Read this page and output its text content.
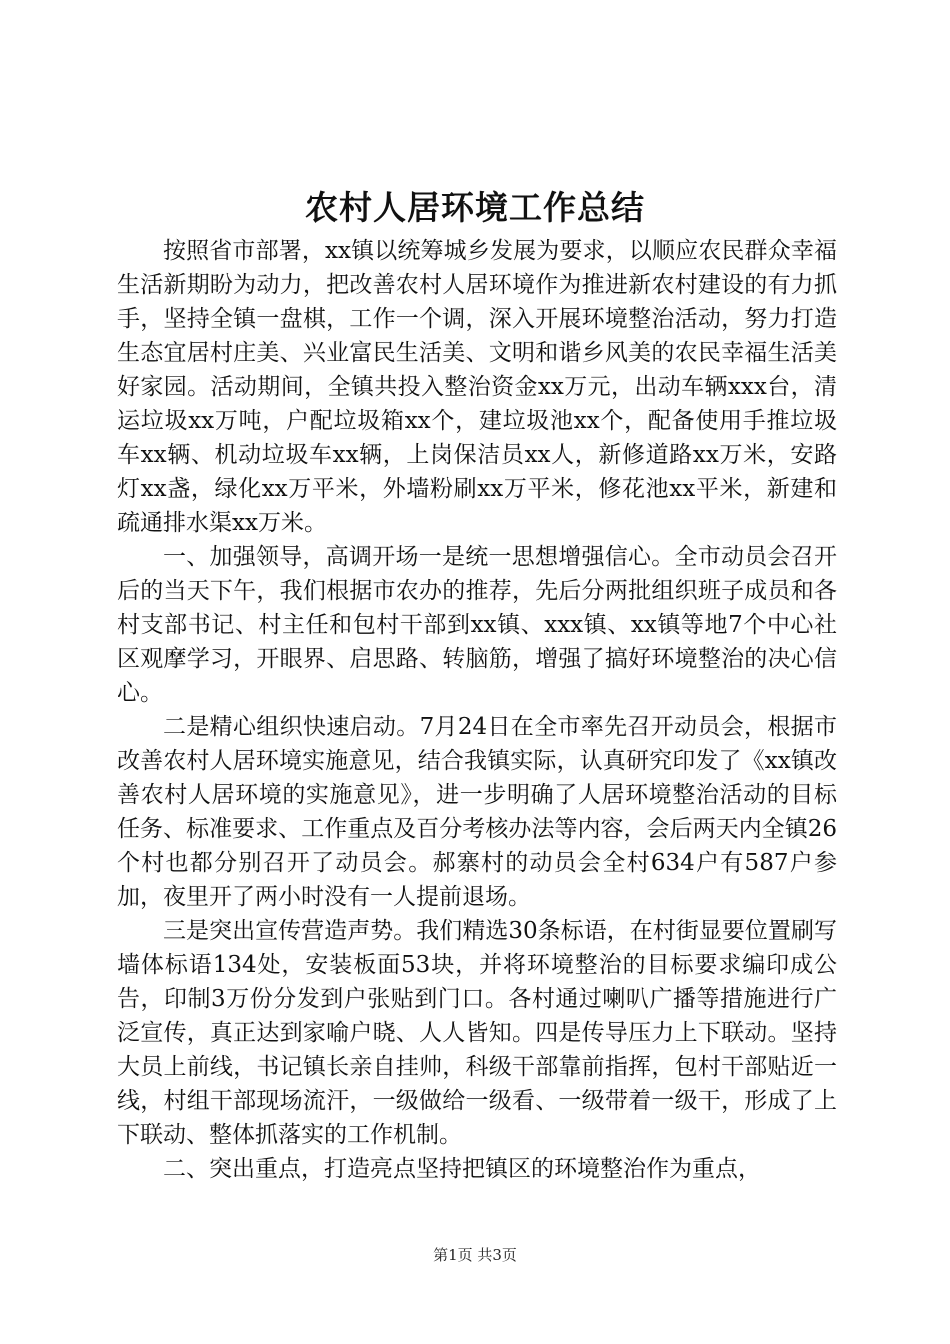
农村人居环境工作总结

按照省市部署，xx镇以统筹城乡发展为要求，以顺应农民群众幸福生活新期盼为动力，把改善农村人居环境作为推进新农村建设的有力抓手，坚持全镇一盘棋，工作一个调，深入开展环境整治活动，努力打造生态宜居村庄美、兴业富民生活美、文明和谐乡风美的农民幸福生活美好家园。活动期间，全镇共投入整治资金xx万元，出动车辆xxx台，清运垃圾xx万吨，户配垃圾箱xx个，建垃圾池xx个，配备使用手推垃圾车xx辆、机动垃圾车xx辆，上岗保洁员xx人，新修道路xx万米，安路灯xx盏，绿化xx万平米，外墙粉刷xx万平米，修花池xx平米，新建和疏通排水渠xx万米。

一、加强领导，高调开场一是统一思想增强信心。全市动员会召开后的当天下午，我们根据市农办的推荐，先后分两批组织班子成员和各村支部书记、村主任和包村干部到xx镇、xxx镇、xx镇等地7个中心社区观摩学习，开眼界、启思路、转脑筋，增强了搞好环境整治的决心信心。

二是精心组织快速启动。7月24日在全市率先召开动员会，根据市改善农村人居环境实施意见，结合我镇实际，认真研究印发了《xx镇改善农村人居环境的实施意见》，进一步明确了人居环境整治活动的目标任务、标准要求、工作重点及百分考核办法等内容，会后两天内全镇26个村也都分别召开了动员会。郝寨村的动员会全村634户有587户参加，夜里开了两小时没有一人提前退场。

三是突出宣传营造声势。我们精选30条标语，在村街显要位置刷写墙体标语134处，安装板面53块，并将环境整治的目标要求编印成公告，印制3万份分发到户张贴到门口。各村通过喇叭广播等措施进行广泛宣传，真正达到家喻户晓、人人皆知。四是传导压力上下联动。坚持大员上前线，书记镇长亲自挂帅，科级干部靠前指挥，包村干部贴近一线，村组干部现场流汗，一级做给一级看、一级带着一级干，形成了上下联动、整体抓落实的工作机制。

二、突出重点，打造亮点坚持把镇区的环境整治作为重点，

第1页 共3页
